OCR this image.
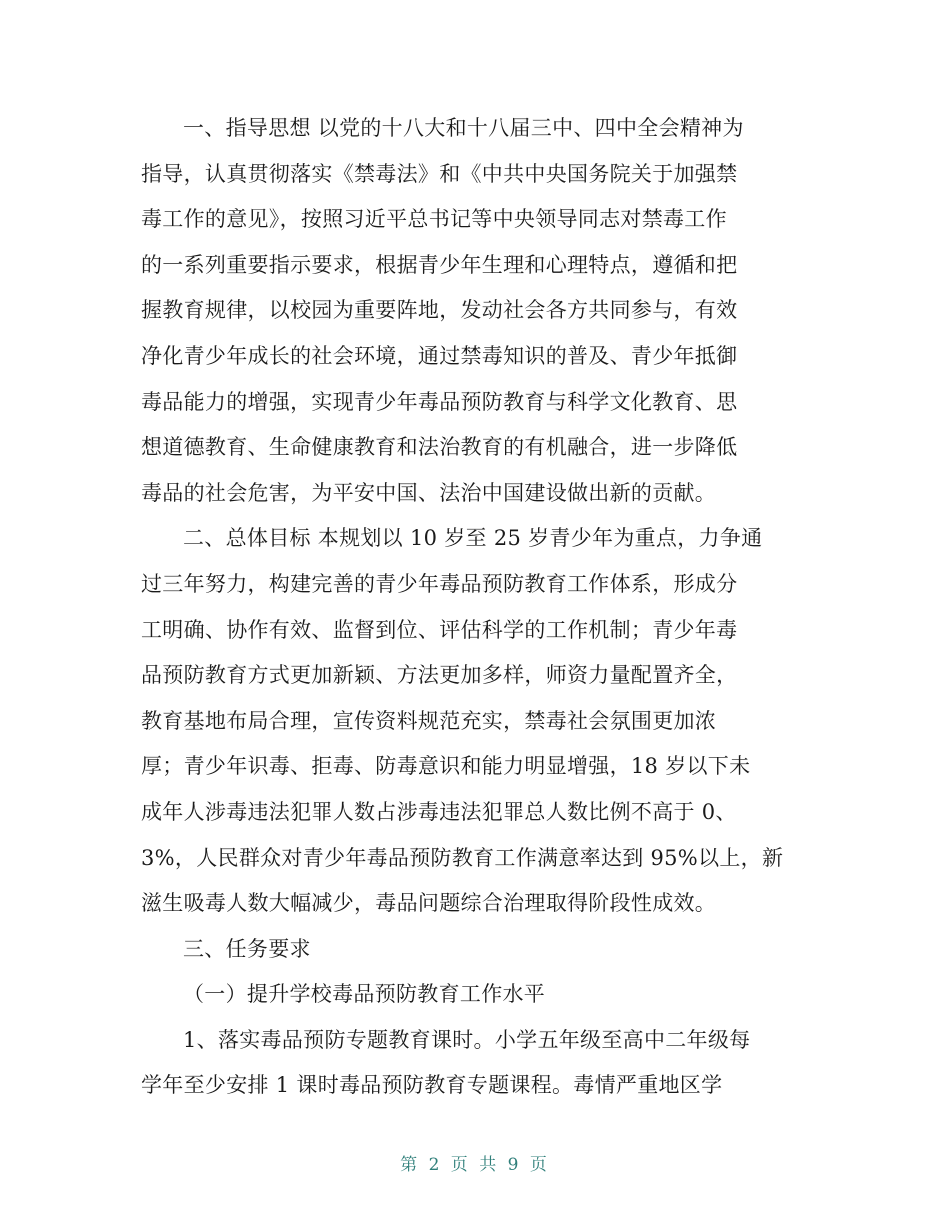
一、指导思想 以党的十八大和十八届三中、四中全会精神为
指导，认真贯彻落实《禁毒法》和《中共中央国务院关于加强禁
毒工作的意见》，按照习近平总书记等中央领导同志对禁毒工作
的一系列重要指示要求，根据青少年生理和心理特点，遵循和把
握教育规律，以校园为重要阵地，发动社会各方共同参与，有效
净化青少年成长的社会环境，通过禁毒知识的普及、青少年抵御
毒品能力的增强，实现青少年毒品预防教育与科学文化教育、思
想道德教育、生命健康教育和法治教育的有机融合，进一步降低
毒品的社会危害，为平安中国、法治中国建设做出新的贡献。
二、总体目标 本规划以 10 岁至 25 岁青少年为重点，力争通
过三年努力，构建完善的青少年毒品预防教育工作体系，形成分
工明确、协作有效、监督到位、评估科学的工作机制；青少年毒
品预防教育方式更加新颖、方法更加多样，师资力量配置齐全，
教育基地布局合理，宣传资料规范充实，禁毒社会氛围更加浓
厚；青少年识毒、拒毒、防毒意识和能力明显增强，18 岁以下未
成年人涉毒违法犯罪人数占涉毒违法犯罪总人数比例不高于 0、
3%，人民群众对青少年毒品预防教育工作满意率达到 95%以上，新
滋生吸毒人数大幅减少，毒品问题综合治理取得阶段性成效。
三、任务要求
（一）提升学校毒品预防教育工作水平
1、落实毒品预防专题教育课时。小学五年级至高中二年级每
学年至少安排 1 课时毒品预防教育专题课程。毒情严重地区学
第 2 页 共 9 页
